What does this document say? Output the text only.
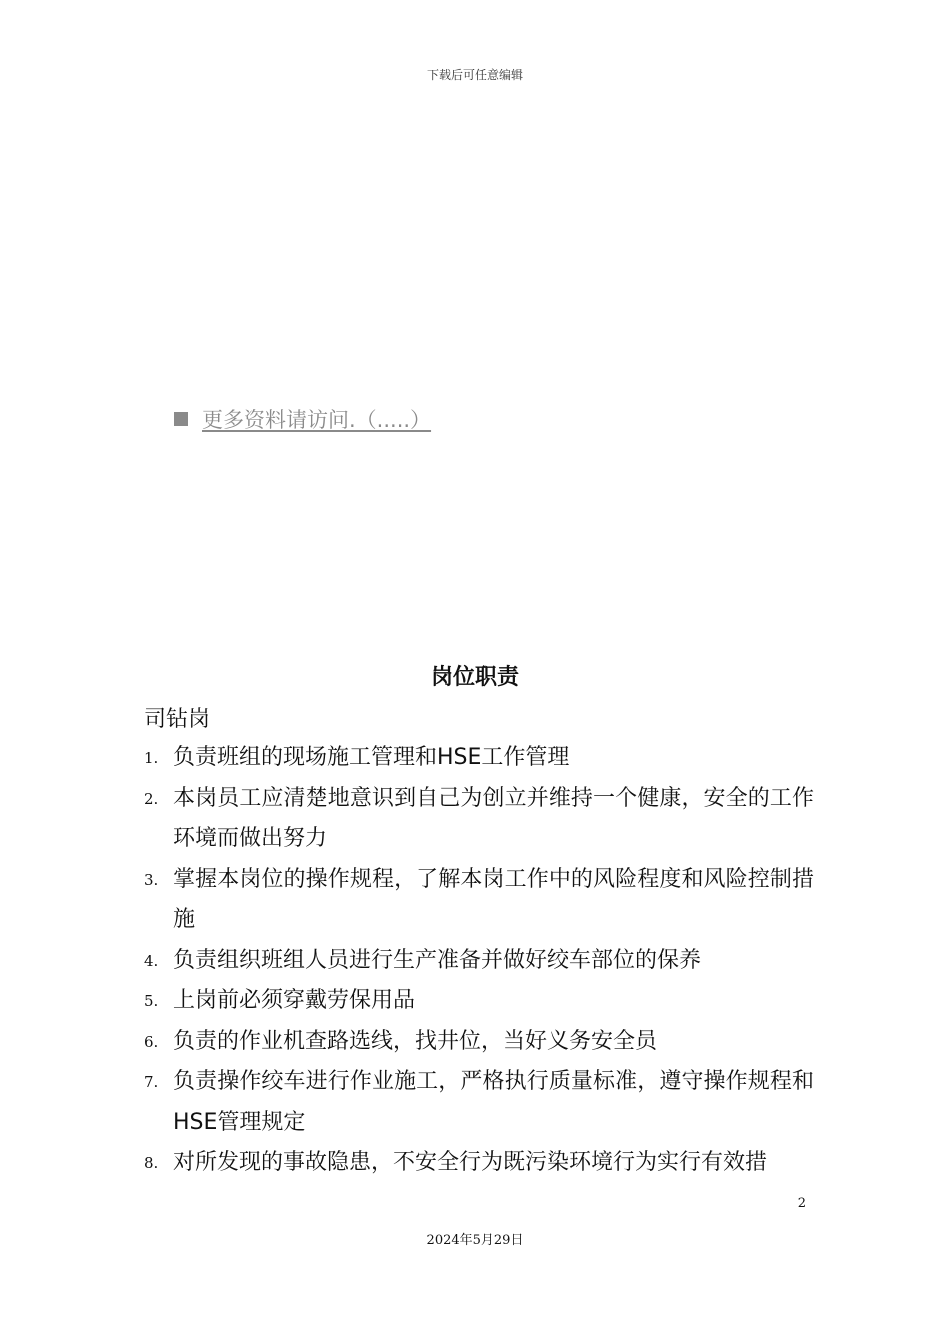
下载后可任意编辑
更多资料请访问.（.....）
岗位职责
司钻岗
1. 负责班组的现场施工管理和HSE工作管理
2. 本岗员工应清楚地意识到自己为创立并维持一个健康，安全的工作环境而做出努力
3. 掌握本岗位的操作规程，了解本岗工作中的风险程度和风险控制措施
4. 负责组织班组人员进行生产准备并做好绞车部位的保养
5. 上岗前必须穿戴劳保用品
6. 负责的作业机查路选线，找井位，当好义务安全员
7. 负责操作绞车进行作业施工，严格执行质量标准，遵守操作规程和HSE管理规定
8. 对所发现的事故隐患，不安全行为既污染环境行为实行有效措
2
2024年5月29日
